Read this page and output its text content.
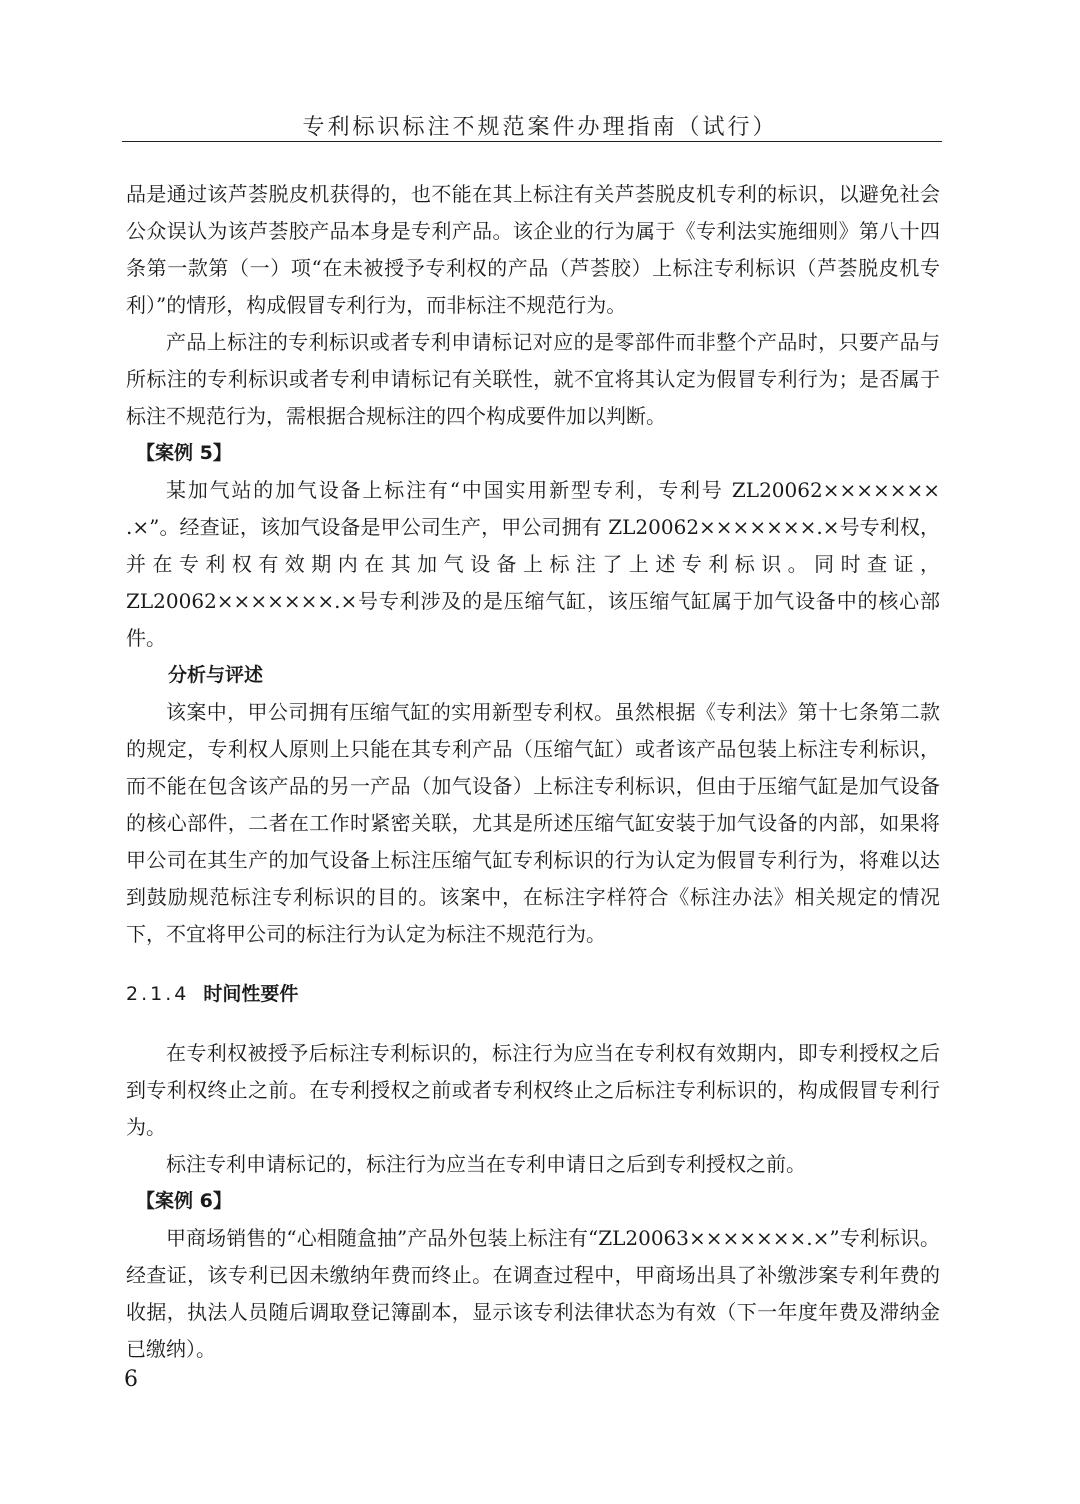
专利标识标注不规范案件办理指南（试行）

品是通过该芦荟脱皮机获得的，也不能在其上标注有关芦荟脱皮机专利的标识，以避免社会公众误认为该芦荟胶产品本身是专利产品。该企业的行为属于《专利法实施细则》第八十四条第一款第（一）项“在未被授予专利权的产品（芦荟胶）上标注专利标识（芦荟脱皮机专利）”的情形，构成假冒专利行为，而非标注不规范行为。

产品上标注的专利标识或者专利申请标记对应的是零部件而非整个产品时，只要产品与所标注的专利标识或者专利申请标记有关联性，就不宜将其认定为假冒专利行为；是否属于标注不规范行为，需根据合规标注的四个构成要件加以判断。

【案例 5】

某加气站的加气设备上标注有“中国实用新型专利，专利号 ZL20062××××××× .×”。经查证，该加气设备是甲公司生产，甲公司拥有 ZL20062×××××××.×号专利权，并在专利权有效期内在其加气设备上标注了上述专利标识。同时查证，ZL20062×××××××.×号专利涉及的是压缩气缸，该压缩气缸属于加气设备中的核心部件。

分析与评述

该案中，甲公司拥有压缩气缸的实用新型专利权。虽然根据《专利法》第十七条第二款的规定，专利权人原则上只能在其专利产品（压缩气缸）或者该产品包装上标注专利标识，而不能在包含该产品的另一产品（加气设备）上标注专利标识，但由于压缩气缸是加气设备的核心部件，二者在工作时紧密关联，尤其是所述压缩气缸安装于加气设备的内部，如果将甲公司在其生产的加气设备上标注压缩气缸专利标识的行为认定为假冒专利行为，将难以达到鼓励规范标注专利标识的目的。该案中，在标注字样符合《标注办法》相关规定的情况下，不宜将甲公司的标注行为认定为标注不规范行为。

2.1.4 时间性要件

在专利权被授予后标注专利标识的，标注行为应当在专利权有效期内，即专利授权之后到专利权终止之前。在专利授权之前或者专利权终止之后标注专利标识的，构成假冒专利行为。

标注专利申请标记的，标注行为应当在专利申请日之后到专利授权之前。

【案例 6】

甲商场销售的“心相随盒抽”产品外包装上标注有“ZL20063×××××××.×”专利标识。经查证，该专利已因未缴纳年费而终止。在调查过程中，甲商场出具了补缴涉案专利年费的收据，执法人员随后调取登记簿副本，显示该专利法律状态为有效（下一年度年费及滞纳金已缴纳）。

6
